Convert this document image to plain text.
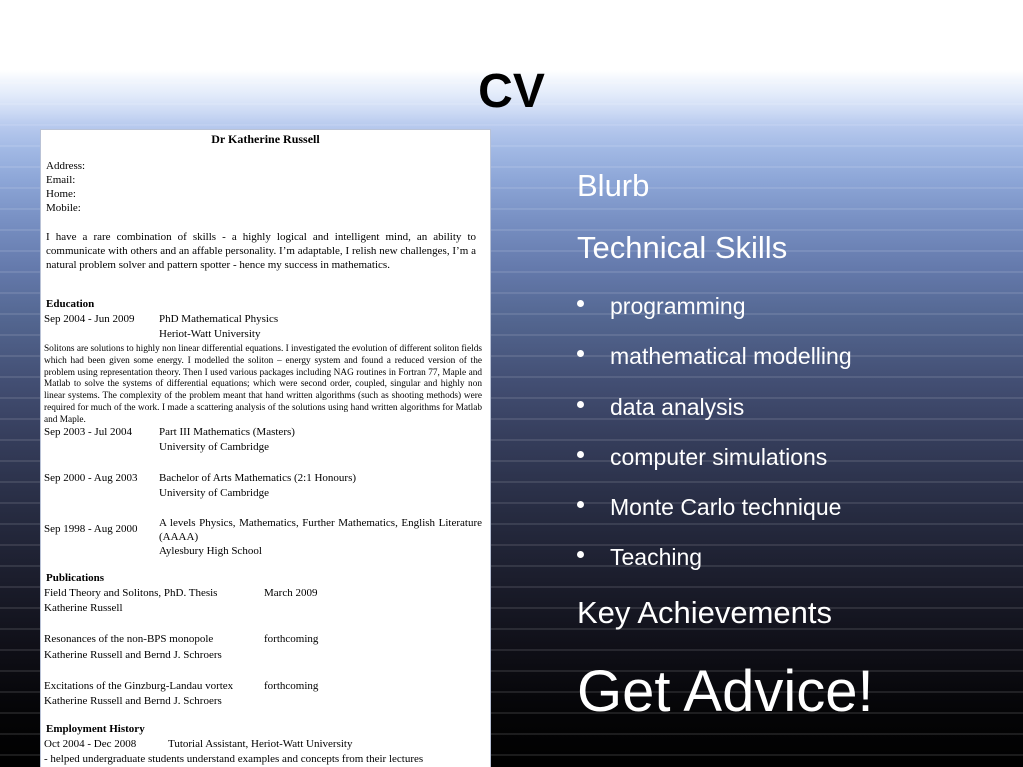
CV
Dr Katherine Russell
Address:
Email:
Home:
Mobile:
I have a rare combination of skills - a highly logical and intelligent mind, an ability to communicate with others and an affable personality. I’m adaptable, I relish new challenges, I’m a natural problem solver and pattern spotter - hence my success in mathematics.
Education
Sep 2004 - Jun 2009 PhD Mathematical Physics
Heriot-Watt University
Solitons are solutions to highly non linear differential equations. I investigated the evolution of different soliton fields which had been given some energy. I modelled the soliton – energy system and found a reduced version of the problem using representation theory. Then I used various packages including NAG routines in Fortran 77, Maple and Matlab to solve the systems of differential equations; which were second order, coupled, singular and highly non linear systems. The complexity of the problem meant that hand written algorithms (such as shooting methods) were required for much of the work. I made a scattering analysis of the solutions using hand written algorithms for Matlab and Maple.
Sep 2003 - Jul 2004 Part III Mathematics (Masters)
University of Cambridge
Sep 2000 - Aug 2003 Bachelor of Arts Mathematics (2:1 Honours)
University of Cambridge
Sep 1998 - Aug 2000 A levels Physics, Mathematics, Further Mathematics, English Literature (AAAA)
Aylesbury High School
Publications
Field Theory and Solitons, PhD. Thesis	March 2009
Katherine Russell
Resonances of the non-BPS monopole	forthcoming
Katherine Russell and Bernd J. Schroers
Excitations of the Ginzburg-Landau vortex	forthcoming
Katherine Russell and Bernd J. Schroers
Employment History
Oct 2004 - Dec 2008	Tutorial Assistant, Heriot-Watt University
- helped undergraduate students understand examples and concepts from their lectures
Blurb
Technical Skills
programming
mathematical modelling
data analysis
computer simulations
Monte Carlo technique
Teaching
Key Achievements
Get Advice!
